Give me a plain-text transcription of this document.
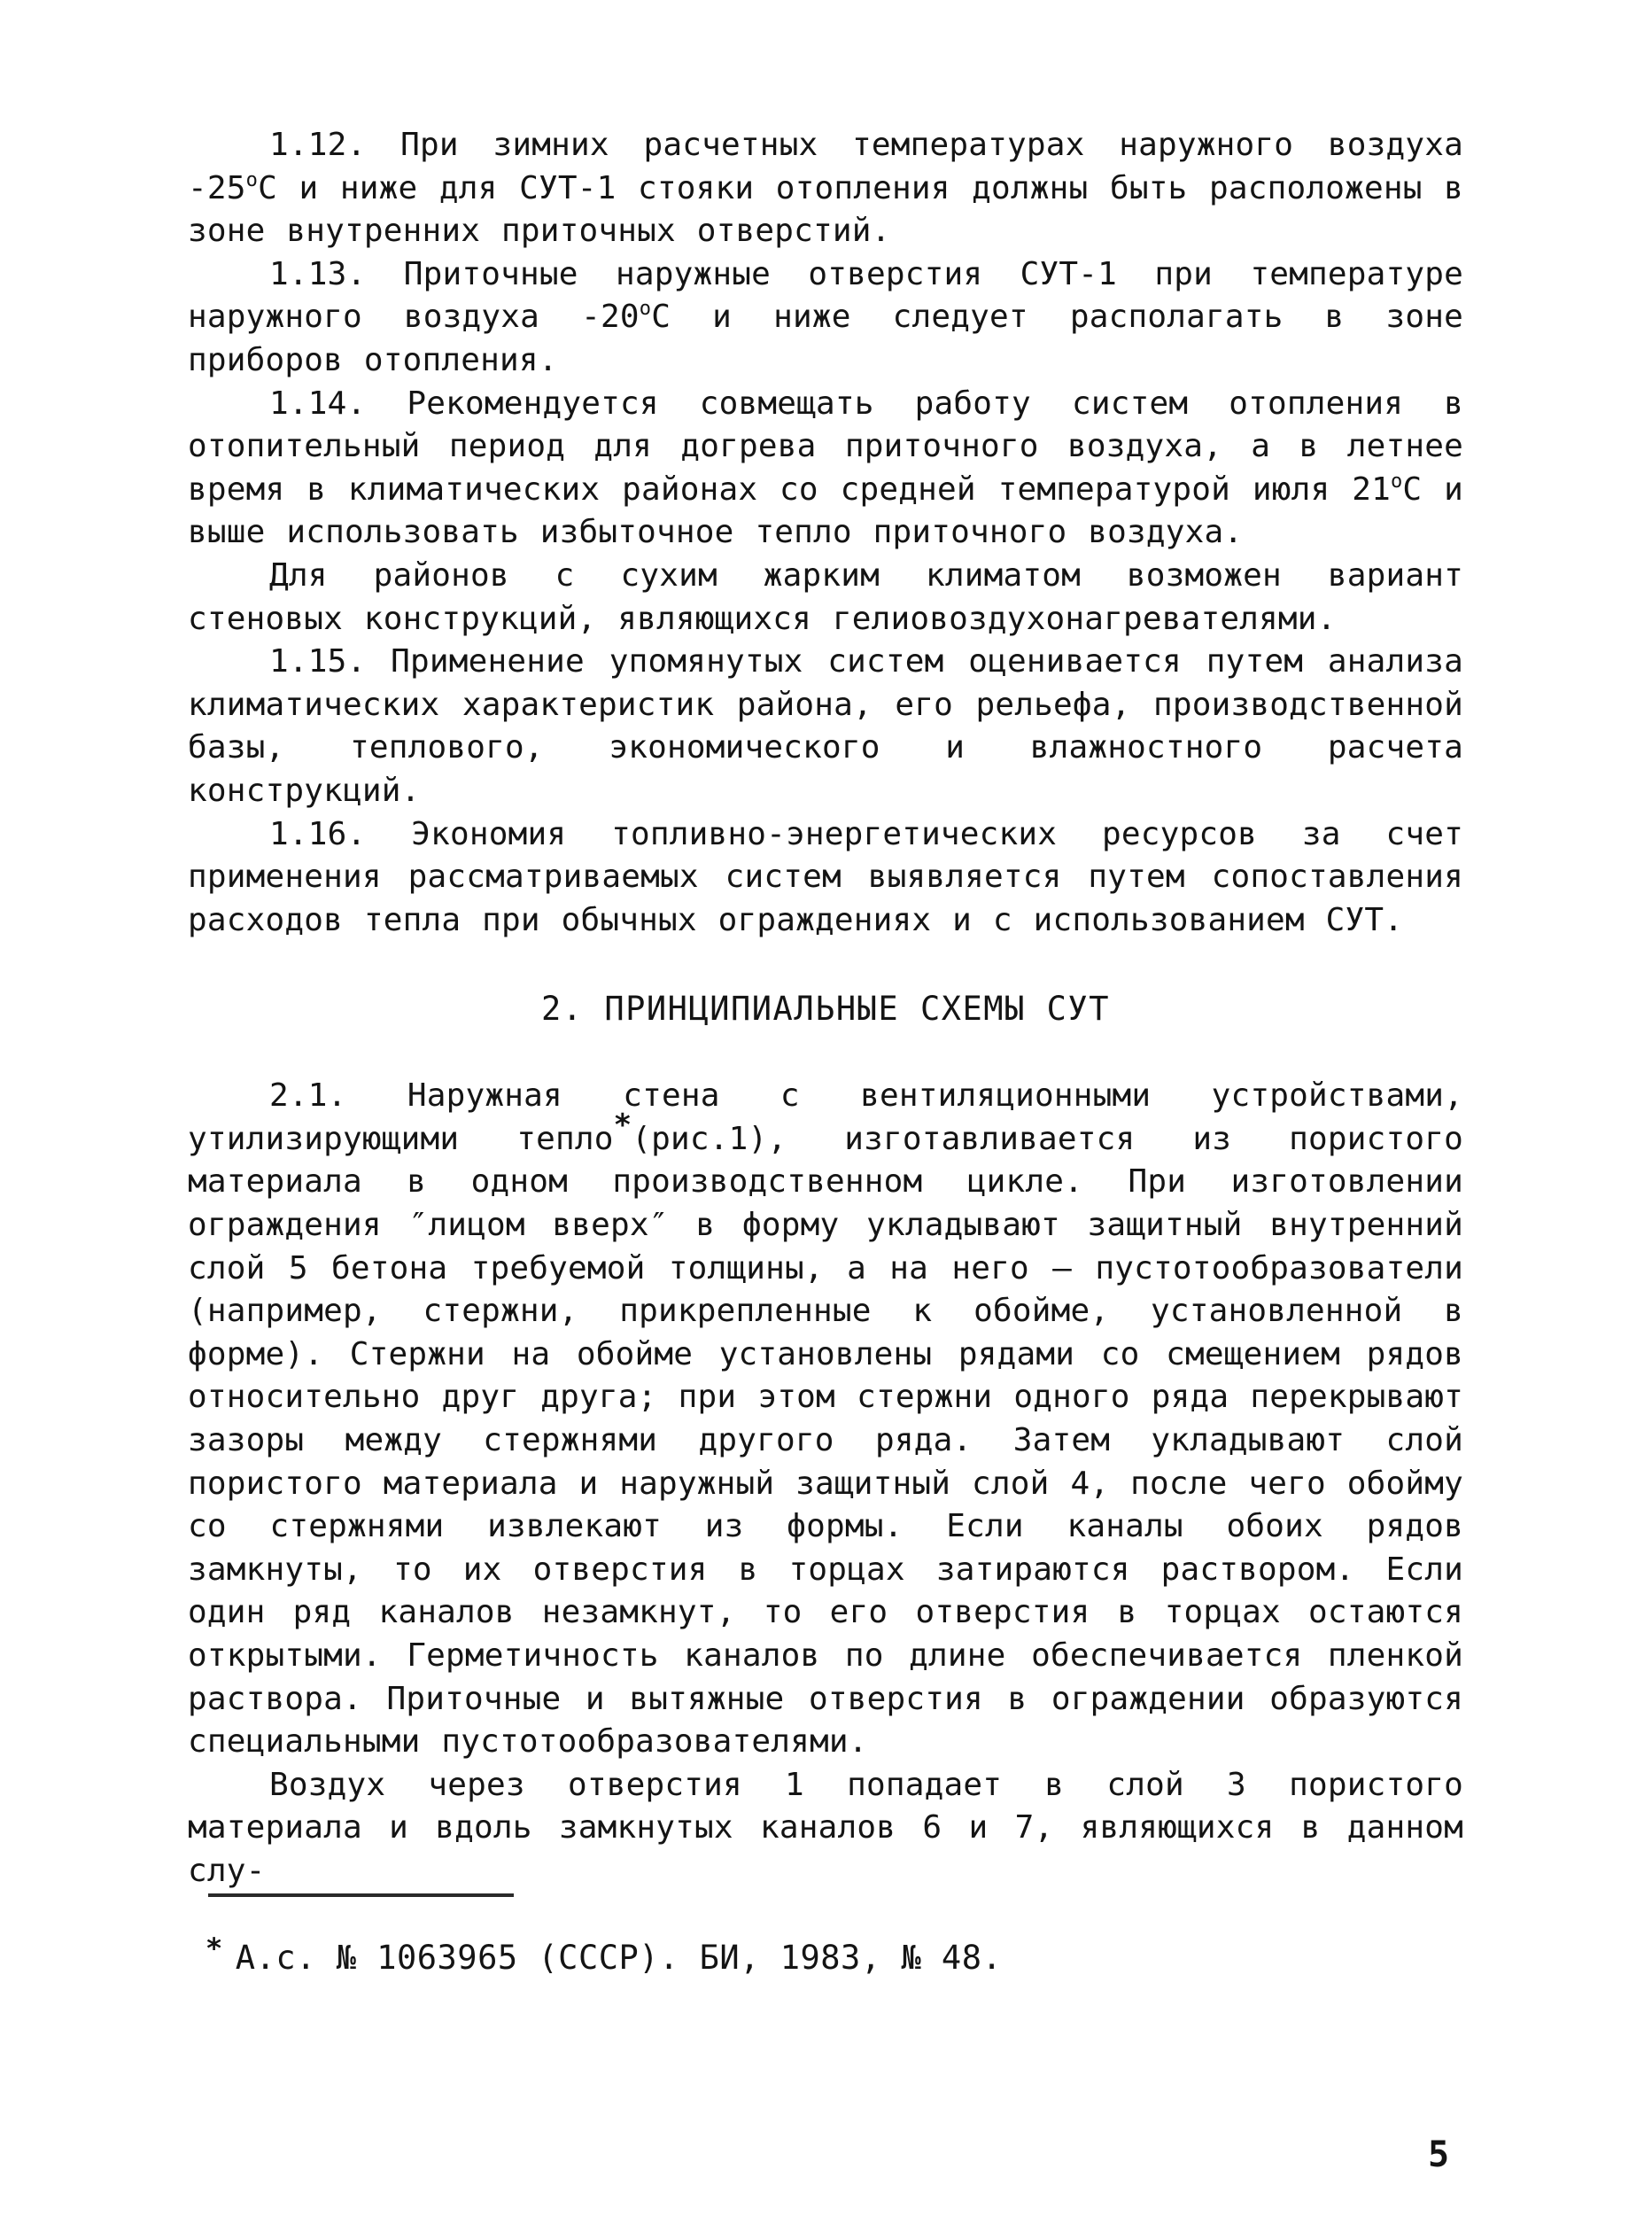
1.12. При зимних расчетных температурах наружного воздуха -25$^o$С и ниже для СУТ-1 стояки отопления должны быть расположены в зоне внутренних приточных отверстий.

1.13. Приточные наружные отверстия СУТ-1 при температуре наружного воздуха -20$^o$С и ниже следует располагать в зоне приборов отопления.

1.14. Рекомендуется совмещать работу систем отопления в отопительный период для догрева приточного воздуха, а в летнее время в климатических районах со средней температурой июля 21$^o$С и выше использовать избыточное тепло приточного воздуха.

Для районов с сухим жарким климатом возможен вариант стеновых конструкций, являющихся гелиовоздухонагревателями.

1.15. Применение упомянутых систем оценивается путем анализа климатических характеристик района, его рельефа, производственной базы, теплового, экономического и влажностного расчета конструкций.

1.16. Экономия топливно-энергетических ресурсов за счет применения рассматриваемых систем выявляется путем сопоставления расходов тепла при обычных ограждениях и с использованием СУТ.

2. ПРИНЦИПИАЛЬНЫЕ СХЕМЫ СУТ

2.1. Наружная стена с вентиляционными устройствами, утилизирующими тепло*(рис.1), изготавливается из пористого материала в одном производственном цикле. При изготовлении ограждения ″лицом вверх″ в форму укладывают защитный внутренний слой 5 бетона требуемой толщины, а на него — пустотообразователи (например, стержни, прикрепленные к обойме, установленной в форме). Стержни на обойме установлены рядами со смещением рядов относительно друг друга; при этом стержни одного ряда перекрывают зазоры между стержнями другого ряда. Затем укладывают слой пористого материала и наружный защитный слой 4, после чего обойму со стержнями извлекают из формы. Если каналы обоих рядов замкнуты, то их отверстия в торцах затираются раствором. Если один ряд каналов незамкнут, то его отверстия в торцах остаются открытыми. Герметичность каналов по длине обеспечивается пленкой раствора. Приточные и вытяжные отверстия в ограждении образуются специальными пустотообразователями.

Воздух через отверстия 1 попадает в слой 3 пористого материала и вдоль замкнутых каналов 6 и 7, являющихся в данном слу-

* А.с. № 1063965 (СССР). БИ, 1983, № 48.
5
